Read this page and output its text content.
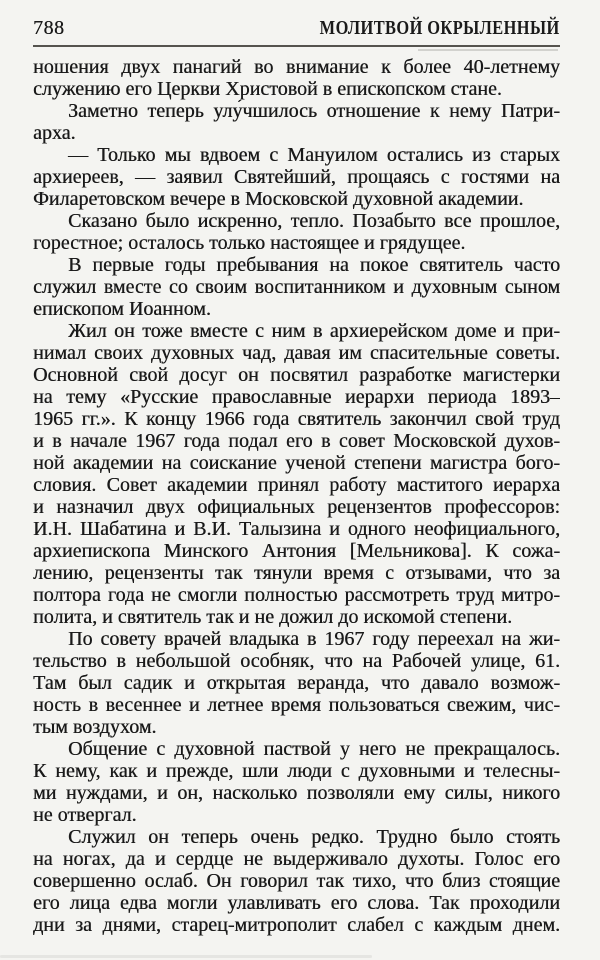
788	МОЛИТВОЙ ОКРЫЛЕННЫЙ
ношения двух панагий во внимание к более 40-летнему
служению его Церкви Христовой в епископском стане.
Заметно теперь улу́чшилось отношение к нему Патри-
арха.
— Только мы вдвоем с Мануилом остались из старых
архиереев, — заявил Святейший, прощаясь с гостями на
Филаретовском вечере в Московской духовной академии.
Сказано было искренно, тепло. Позабыто все прошлое,
горестное; осталось только настоящее и грядущее.
В первые годы пребывания на покое святитель часто
служил вместе со своим воспитанником и духовным сыном
епископом Иоанном.
Жил он тоже вместе с ним в архиерейском доме и при-
нимал своих духовных чад, давая им спасительные советы.
Основной свой досуг он посвятил разработке магистерки
на тему «Русские православные иерархи периода 1893–
1965 гг.». К концу 1966 года святитель закончил свой труд
и в начале 1967 года подал его в совет Московской духов-
ной академии на соискание ученой степени магистра бого-
словия. Совет академии принял работу маститого иерарха
и назначил двух официальных рецензентов профессоров:
И.Н. Шабатина и В.И. Талызина и одного неофициального,
архиепископа Минского Антония [Мельникова]. К сожа-
лению, рецензенты так тянули время с отзывами, что за
полтора года не смогли полностью рассмотреть труд митро-
полита, и святитель так и не дожил до искомой степени.
По совету врачей владыка в 1967 году переехал на жи-
тельство в небольшой особняк, что на Рабочей улице, 61.
Там был садик и открытая веранда, что давало возмож-
ность в весеннее и летнее время пользоваться свежим, чис-
тым воздухом.
Общение с духовной паствой у него не прекращалось.
К нему, как и прежде, шли люди с духовными и телесны-
ми нуждами, и он, насколько позволяли ему силы, никого
не отвергал.
Служил он теперь очень редко. Трудно было стоять
на ногах, да и сердце не выдерживало духоты. Голос его
совершенно ослаб. Он говорил так тихо, что близ стоящие
его лица едва могли улавливать его слова. Так проходили
дни за днями, старец-митрополит слабел с каждым днем.
